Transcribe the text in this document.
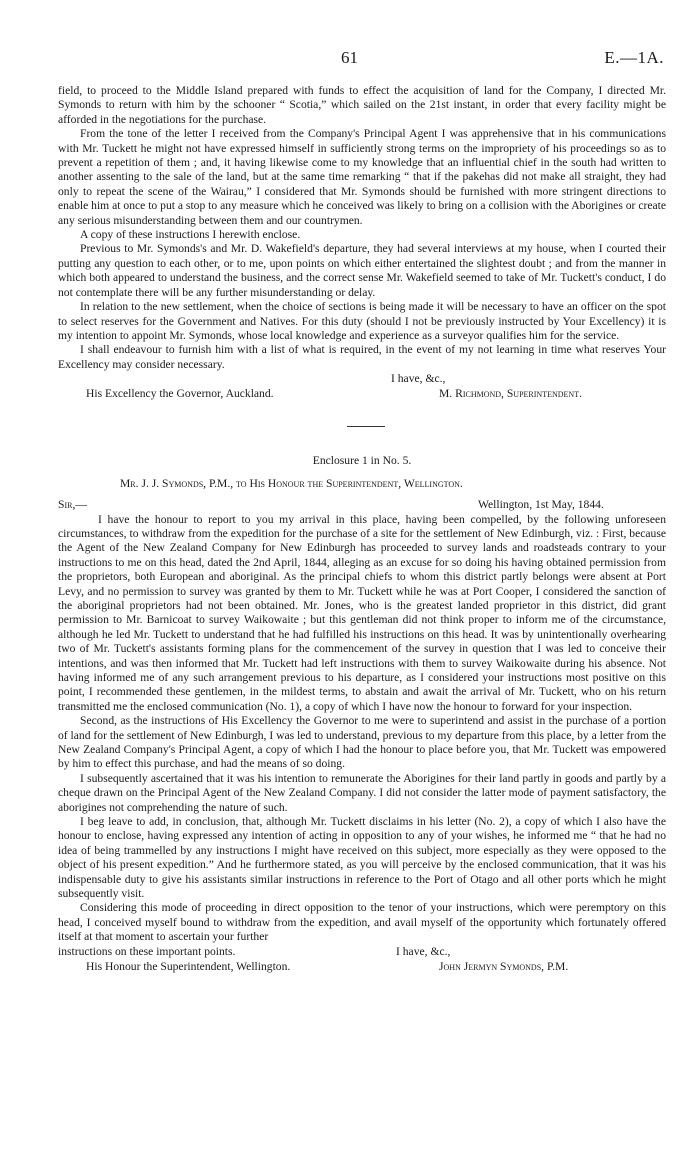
61	E.—1A.

field, to proceed to the Middle Island prepared with funds to effect the acquisition of land for the Company, I directed Mr. Symonds to return with him by the schooner “ Scotia,” which sailed on the 21st instant, in order that every facility might be afforded in the negotiations for the purchase.

From the tone of the letter I received from the Company's Principal Agent I was apprehensive that in his communications with Mr. Tuckett he might not have expressed himself in sufficiently strong terms on the impropriety of his proceedings so as to prevent a repetition of them ; and, it having likewise come to my knowledge that an influential chief in the south had written to another assenting to the sale of the land, but at the same time remarking “ that if the pakehas did not make all straight, they had only to repeat the scene of the Wairau,” I considered that Mr. Symonds should be furnished with more stringent directions to enable him at once to put a stop to any measure which he conceived was likely to bring on a collision with the Aborigines or create any serious misunderstanding between them and our countrymen.

A copy of these instructions I herewith enclose.

Previous to Mr. Symonds's and Mr. D. Wakefield's departure, they had several interviews at my house, when I courted their putting any question to each other, or to me, upon points on which either entertained the slightest doubt ; and from the manner in which both appeared to understand the business, and the correct sense Mr. Wakefield seemed to take of Mr. Tuckett's conduct, I do not contemplate there will be any further misunderstanding or delay.

In relation to the new settlement, when the choice of sections is being made it will be necessary to have an officer on the spot to select reserves for the Government and Natives. For this duty (should I not be previously instructed by Your Excellency) it is my intention to appoint Mr. Symonds, whose local knowledge and experience as a surveyor qualifies him for the service.

I shall endeavour to furnish him with a list of what is required, in the event of my not learning in time what reserves Your Excellency may consider necessary.

I have, &c.,
His Excellency the Governor, Auckland.	M. Richmond, Superintendent.
Enclosure 1 in No. 5.
Mr. J. J. Symonds, P.M., to His Honour the Superintendent, Wellington.
Sir,—	Wellington, 1st May, 1844.

I have the honour to report to you my arrival in this place, having been compelled, by the following unforeseen circumstances, to withdraw from the expedition for the purchase of a site for the settlement of New Edinburgh, viz. : First, because the Agent of the New Zealand Company for New Edinburgh has proceeded to survey lands and roadsteads contrary to your instructions to me on this head, dated the 2nd April, 1844, alleging as an excuse for so doing his having obtained permission from the proprietors, both European and aboriginal. As the principal chiefs to whom this district partly belongs were absent at Port Levy, and no permission to survey was granted by them to Mr. Tuckett while he was at Port Cooper, I considered the sanction of the aboriginal proprietors had not been obtained. Mr. Jones, who is the greatest landed proprietor in this district, did grant permission to Mr. Barnicoat to survey Waikowaite ; but this gentleman did not think proper to inform me of the circumstance, although he led Mr. Tuckett to understand that he had fulfilled his instructions on this head. It was by unintentionally overhearing two of Mr. Tuckett's assistants forming plans for the commencement of the survey in question that I was led to conceive their intentions, and was then informed that Mr. Tuckett had left instructions with them to survey Waikowaite during his absence. Not having informed me of any such arrangement previous to his departure, as I considered your instructions most positive on this point, I recommended these gentlemen, in the mildest terms, to abstain and await the arrival of Mr. Tuckett, who on his return transmitted me the enclosed communication (No. 1), a copy of which I have now the honour to forward for your inspection.

Second, as the instructions of His Excellency the Governor to me were to superintend and assist in the purchase of a portion of land for the settlement of New Edinburgh, I was led to understand, previous to my departure from this place, by a letter from the New Zealand Company's Principal Agent, a copy of which I had the honour to place before you, that Mr. Tuckett was empowered by him to effect this purchase, and had the means of so doing.

I subsequently ascertained that it was his intention to remunerate the Aborigines for their land partly in goods and partly by a cheque drawn on the Principal Agent of the New Zealand Company. I did not consider the latter mode of payment satisfactory, the aborigines not comprehending the nature of such.

I beg leave to add, in conclusion, that, although Mr. Tuckett disclaims in his letter (No. 2), a copy of which I also have the honour to enclose, having expressed any intention of acting in opposition to any of your wishes, he informed me “ that he had no idea of being trammelled by any instructions I might have received on this subject, more especially as they were opposed to the object of his present expedition.” And he furthermore stated, as you will perceive by the enclosed communication, that it was his indispensable duty to give his assistants similar instructions in reference to the Port of Otago and all other ports which he might subsequently visit.

Considering this mode of proceeding in direct opposition to the tenor of your instructions, which were peremptory on this head, I conceived myself bound to withdraw from the expedition, and avail myself of the opportunity which fortunately offered itself at that moment to ascertain your further

instructions on these important points.	I have, &c.,
His Honour the Superintendent, Wellington.	John Jermyn Symonds, P.M.
